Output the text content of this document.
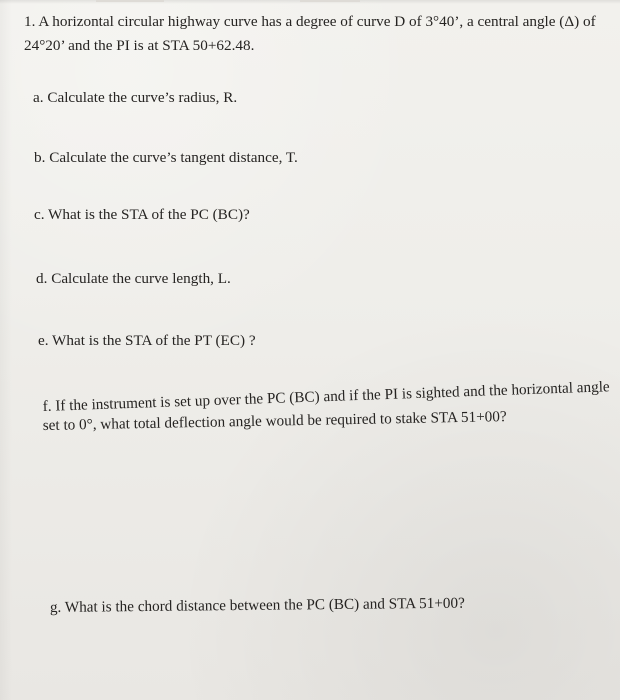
1. A horizontal circular highway curve has a degree of curve D of 3°40’, a central angle (Δ) of
24°20’ and the PI is at STA 50+62.48.
a. Calculate the curve’s radius, R.
b. Calculate the curve’s tangent distance, T.
c. What is the STA of the PC (BC)?
d. Calculate the curve length, L.
e. What is the STA of the PT (EC) ?
f. If the instrument is set up over the PC (BC) and if the PI is sighted and the horizontal angle
set to 0°, what total deflection angle would be required to stake STA 51+00?
g. What is the chord distance between the PC (BC) and STA 51+00?
